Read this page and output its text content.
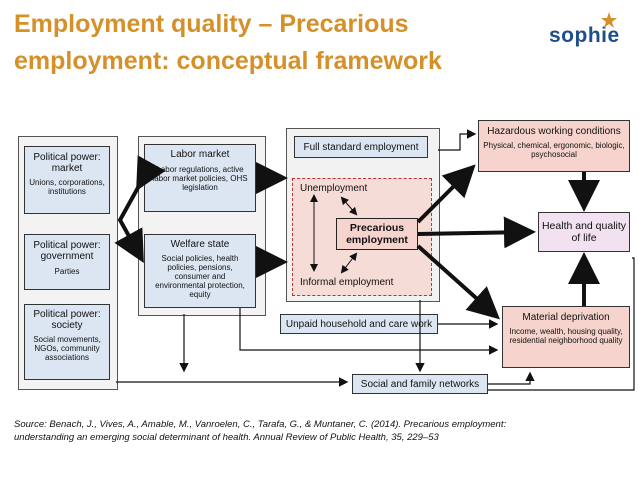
Employment quality – Precarious
employment: conceptual framework
sophie
Political power: market
Unions, corporations, institutions
Political power: government
Parties
Political power: society
Social movements, NGOs, community associations
Labor market
Labor regulations, active labor market policies, OHS legislation
Welfare state
Social policies, health policies, pensions, consumer and environmental protection, equity
Full standard employment
Unemployment
Precarious employment
Informal employment
Unpaid household and care work
Social and family networks
Hazardous working conditions
Physical, chemical, ergonomic, biologic, psychosocial
Health and quality of life
Material deprivation
Income, wealth, housing quality, residential neighborhood quality
Source: Benach, J., Vives, A., Amable, M., Vanroelen, C., Tarafa, G., & Muntaner, C. (2014). Precarious employment:
understanding an emerging social determinant of health. Annual Review of Public Health, 35, 229–53
